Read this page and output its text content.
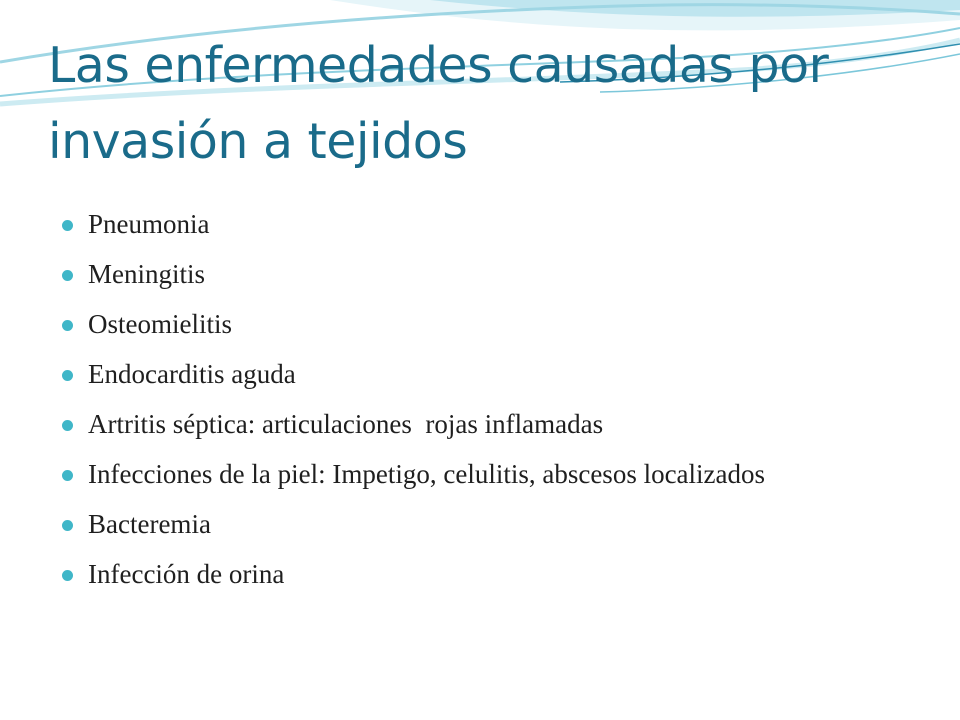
Las enfermedades causadas por invasión a tejidos
Pneumonia
Meningitis
Osteomielitis
Endocarditis aguda
Artritis séptica: articulaciones  rojas inflamadas
Infecciones de la piel: Impetigo, celulitis, abscesos localizados
Bacteremia
Infección de orina
